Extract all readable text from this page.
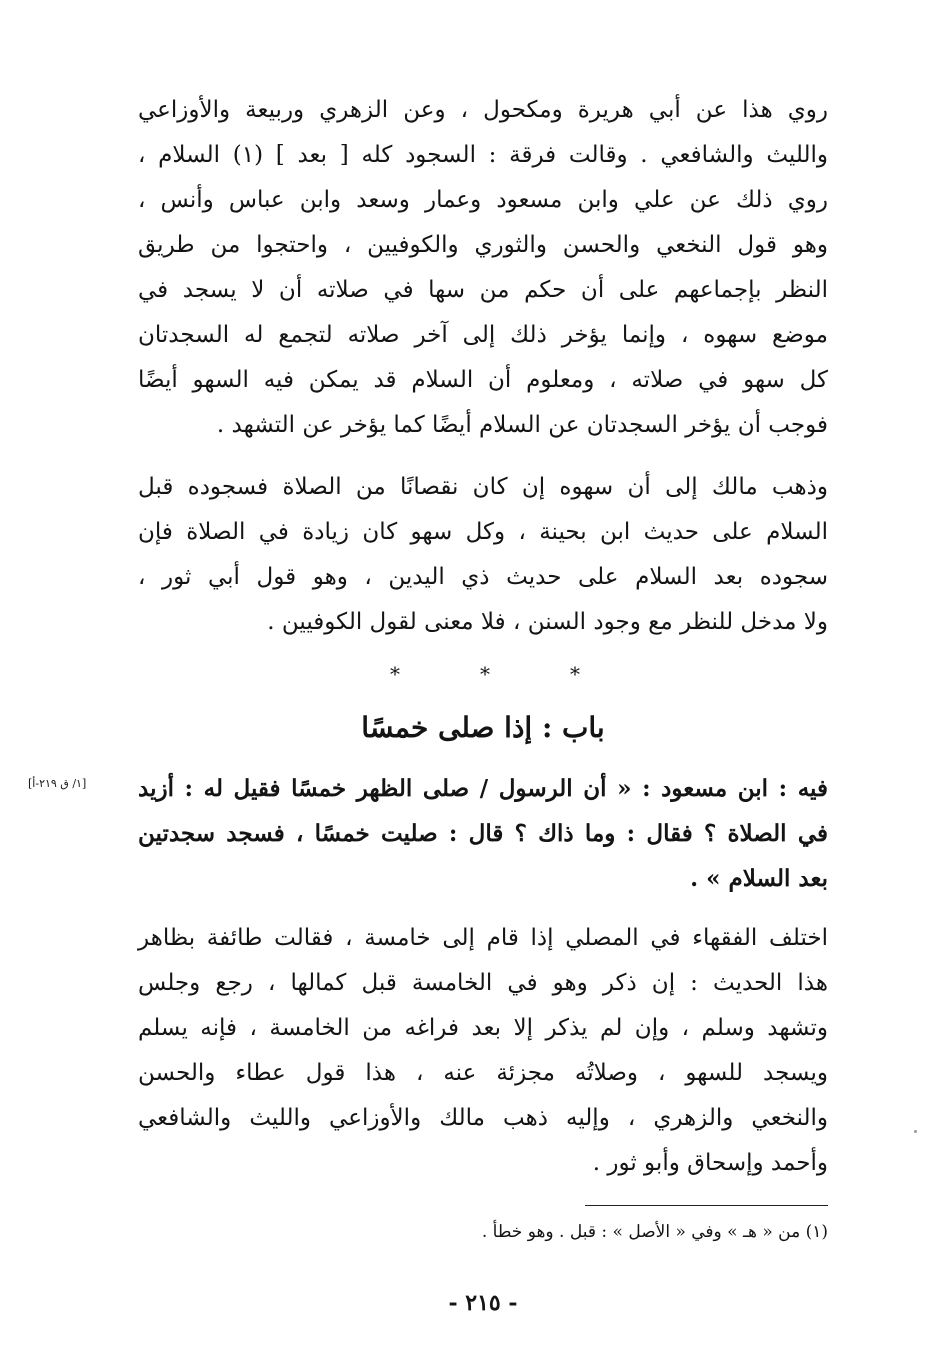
روي هذا عن أبي هريرة ومكحول ، وعن الزهري وربيعة والأوزاعي
والليث والشافعي . وقالت فرقة : السجود كله [ بعد ] (١) السلام ،
روي ذلك عن علي وابن مسعود وعمار وسعد وابن عباس وأنس ،
وهو قول النخعي والحسن والثوري والكوفيين ، واحتجوا من طريق
النظر بإجماعهم على أن حكم من سها في صلاته أن لا يسجد في
موضع سهوه ، وإنما يؤخر ذلك إلى آخر صلاته لتجمع له السجدتان
كل سهو في صلاته ، ومعلوم أن السلام قد يمكن فيه السهو أيضًا
فوجب أن يؤخر السجدتان عن السلام أيضًا كما يؤخر عن التشهد .
وذهب مالك إلى أن سهوه إن كان نقصانًا من الصلاة فسجوده قبل
السلام على حديث ابن بحينة ، وكل سهو كان زيادة في الصلاة فإن
سجوده بعد السلام على حديث ذي اليدين ، وهو قول أبي ثور ،
ولا مدخل للنظر مع وجود السنن ، فلا معنى لقول الكوفيين .
*	*	*
باب : إذا صلى خمسًا
[١/ ق ٢١٩-أ]	فيه : ابن مسعود : « أن الرسول / صلى الظهر خمسًا فقيل له : أزيد
في الصلاة ؟ فقال : وما ذاك ؟ قال : صليت خمسًا ، فسجد سجدتين
بعد السلام » .
اختلف الفقهاء في المصلي إذا قام إلى خامسة ، فقالت طائفة بظاهر
هذا الحديث : إن ذكر وهو في الخامسة قبل كمالها ، رجع وجلس
وتشهد وسلم ، وإن لم يذكر إلا بعد فراغه من الخامسة ، فإنه يسلم
ويسجد للسهو ، وصلاتُه مجزئة عنه ، هذا قول عطاء والحسن
والنخعي والزهري ، وإليه ذهب مالك والأوزاعي والليث والشافعي
وأحمد وإسحاق وأبو ثور .
(١) من « هـ » وفي « الأصل » : قبل . وهو خطأ .
- ٢١٥ -
